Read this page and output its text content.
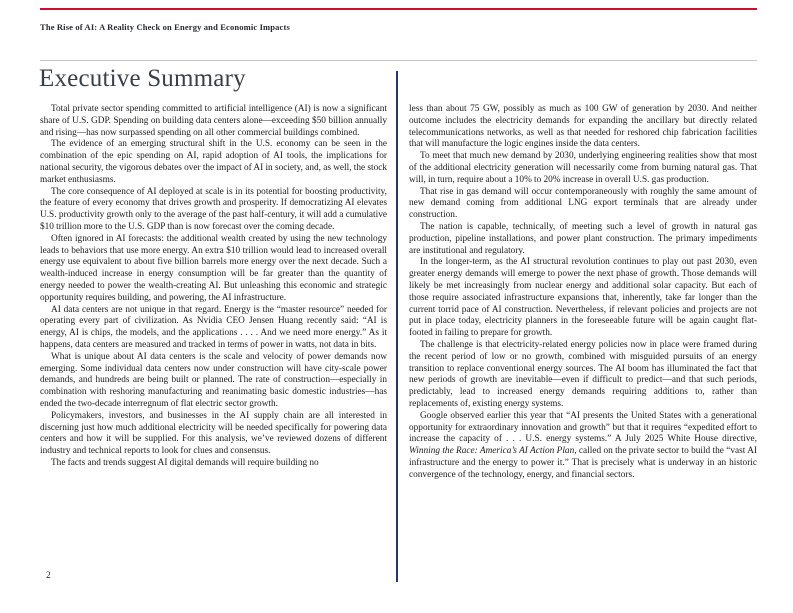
The Rise of AI: A Reality Check on Energy and Economic Impacts
Executive Summary

Total private sector spending committed to artificial intelligence (AI) is now a significant share of U.S. GDP. Spending on building data centers alone—exceeding $50 billion annually and rising—has now surpassed spending on all other commercial buildings combined.

The evidence of an emerging structural shift in the U.S. economy can be seen in the combination of the epic spending on AI, rapid adoption of AI tools, the implications for national security, the vigorous debates over the impact of AI in society, and, as well, the stock market enthusiasms.

The core consequence of AI deployed at scale is in its potential for boosting productivity, the feature of every economy that drives growth and prosperity. If democratizing AI elevates U.S. productivity growth only to the average of the past half-century, it will add a cumulative $10 trillion more to the U.S. GDP than is now forecast over the coming decade.

Often ignored in AI forecasts: the additional wealth created by using the new technology leads to behaviors that use more energy. An extra $10 trillion would lead to increased overall energy use equivalent to about five billion barrels more energy over the next decade. Such a wealth-induced increase in energy consumption will be far greater than the quantity of energy needed to power the wealth-creating AI. But unleashing this economic and strategic opportunity requires building, and powering, the AI infrastructure.

AI data centers are not unique in that regard. Energy is the “master resource” needed for operating every part of civilization. As Nvidia CEO Jensen Huang recently said: “AI is energy, AI is chips, the models, and the applications . . . . And we need more energy.” As it happens, data centers are measured and tracked in terms of power in watts, not data in bits.

What is unique about AI data centers is the scale and velocity of power demands now emerging. Some individual data centers now under construction will have city-scale power demands, and hundreds are being built or planned. The rate of construction—especially in combination with reshoring manufacturing and reanimating basic domestic industries—has ended the two-decade interregnum of flat electric sector growth.

Policymakers, investors, and businesses in the AI supply chain are all interested in discerning just how much additional electricity will be needed specifically for powering data centers and how it will be supplied. For this analysis, we’ve reviewed dozens of different industry and technical reports to look for clues and consensus.

The facts and trends suggest AI digital demands will require building no

less than about 75 GW, possibly as much as 100 GW of generation by 2030. And neither outcome includes the electricity demands for expanding the ancillary but directly related telecommunications networks, as well as that needed for reshored chip fabrication facilities that will manufacture the logic engines inside the data centers.

To meet that much new demand by 2030, underlying engineering realities show that most of the additional electricity generation will necessarily come from burning natural gas. That will, in turn, require about a 10% to 20% increase in overall U.S. gas production.

That rise in gas demand will occur contemporaneously with roughly the same amount of new demand coming from additional LNG export terminals that are already under construction.

The nation is capable, technically, of meeting such a level of growth in natural gas production, pipeline installations, and power plant construction. The primary impediments are institutional and regulatory.

In the longer-term, as the AI structural revolution continues to play out past 2030, even greater energy demands will emerge to power the next phase of growth. Those demands will likely be met increasingly from nuclear energy and additional solar capacity. But each of those require associated infrastructure expansions that, inherently, take far longer than the current torrid pace of AI construction. Nevertheless, if relevant policies and projects are not put in place today, electricity planners in the foreseeable future will be again caught flat-footed in failing to prepare for growth.

The challenge is that electricity-related energy policies now in place were framed during the recent period of low or no growth, combined with misguided pursuits of an energy transition to replace conventional energy sources. The AI boom has illuminated the fact that new periods of growth are inevitable—even if difficult to predict—and that such periods, predictably, lead to increased energy demands requiring additions to, rather than replacements of, existing energy systems.

Google observed earlier this year that “AI presents the United States with a generational opportunity for extraordinary innovation and growth” but that it requires “expedited effort to increase the capacity of . . . U.S. energy systems.” A July 2025 White House directive, Winning the Race: America’s AI Action Plan, called on the private sector to build the “vast AI infrastructure and the energy to power it.” That is precisely what is underway in an historic convergence of the technology, energy, and financial sectors.

2
